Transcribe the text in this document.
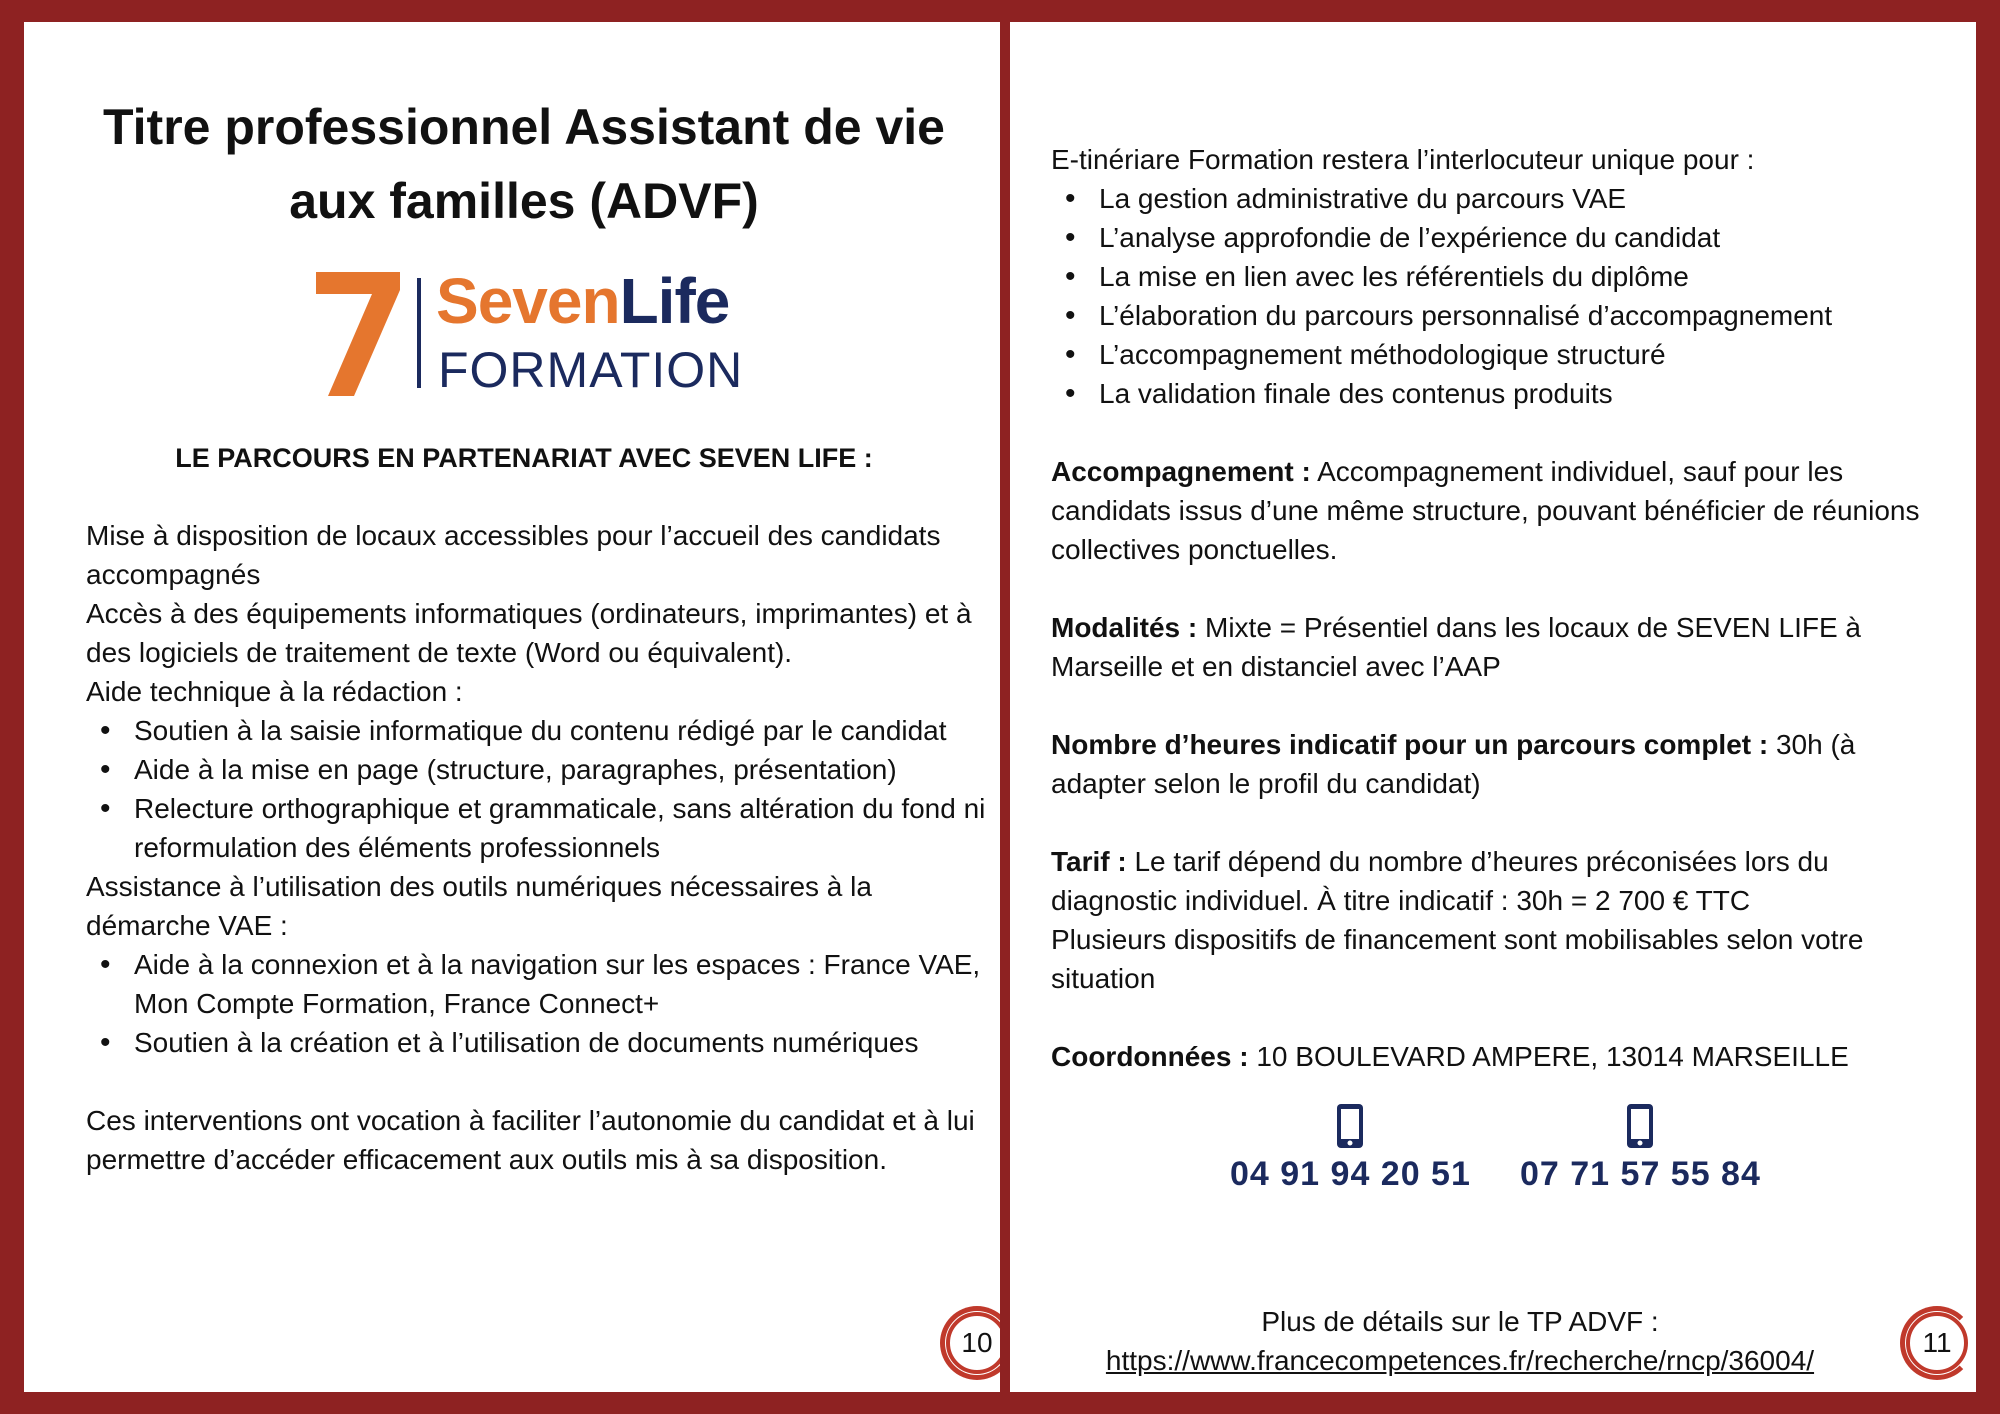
Titre professionnel Assistant de vie aux familles (ADVF)
SevenLife
FORMATION
LE PARCOURS EN PARTENARIAT AVEC SEVEN LIFE :

Mise à disposition de locaux accessibles pour l’accueil des candidats accompagnés

Accès à des équipements informatiques (ordinateurs, imprimantes) et à des logiciels de traitement de texte (Word ou équivalent).

Aide technique à la rédaction :

• Soutien à la saisie informatique du contenu rédigé par le candidat

• Aide à la mise en page (structure, paragraphes, présentation)

• Relecture orthographique et grammaticale, sans altération du fond ni reformulation des éléments professionnels

Assistance à l’utilisation des outils numériques nécessaires à la démarche VAE :

• Aide à la connexion et à la navigation sur les espaces : France VAE, Mon Compte Formation, France Connect+

• Soutien à la création et à l’utilisation de documents numériques

Ces interventions ont vocation à faciliter l’autonomie du candidat et à lui permettre d’accéder efficacement aux outils mis à sa disposition.

10

E-tinériare Formation restera l’interlocuteur unique pour :

• La gestion administrative du parcours VAE

• L’analyse approfondie de l’expérience du candidat

• La mise en lien avec les référentiels du diplôme

• L’élaboration du parcours personnalisé d’accompagnement

• L’accompagnement méthodologique structuré

• La validation finale des contenus produits

Accompagnement : Accompagnement individuel, sauf pour les candidats issus d’une même structure, pouvant bénéficier de réunions collectives ponctuelles.

Modalités : Mixte = Présentiel dans les locaux de SEVEN LIFE à Marseille et en distanciel avec l’AAP

Nombre d’heures indicatif pour un parcours complet : 30h (à adapter selon le profil du candidat)

Tarif : Le tarif dépend du nombre d’heures préconisées lors du diagnostic individuel. À titre indicatif : 30h = 2 700 € TTC

Plusieurs dispositifs de financement sont mobilisables selon votre situation

Coordonnées : 10 BOULEVARD AMPERE, 13014 MARSEILLE

04 91 94 20 51 07 71 57 55 84
Plus de détails sur le TP ADVF :
https://www.francecompetences.fr/recherche/rncp/36004/
11
